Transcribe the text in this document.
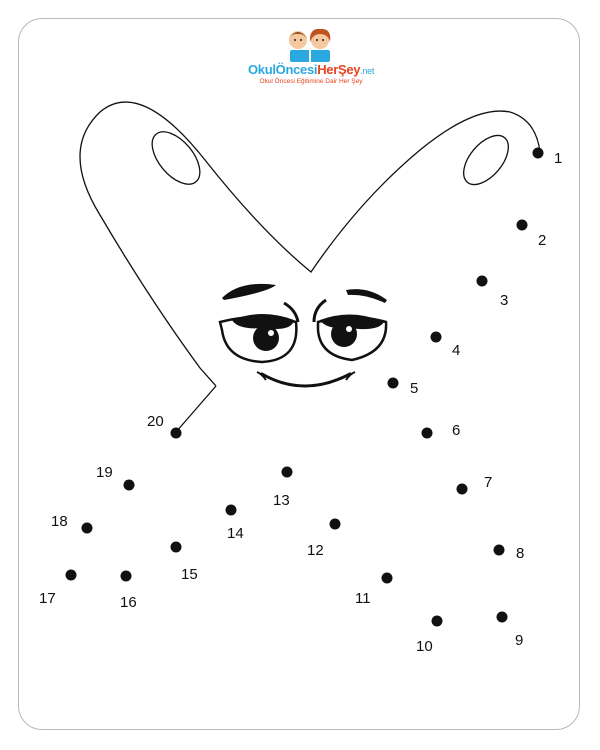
OkulÖncesiHerŞey.net
Okul Öncesi Eğitimine Dair Her Şey
1
2
3
4
5
6
7
8
9
10
11
12
13
14
15
16
17
18
19
20
